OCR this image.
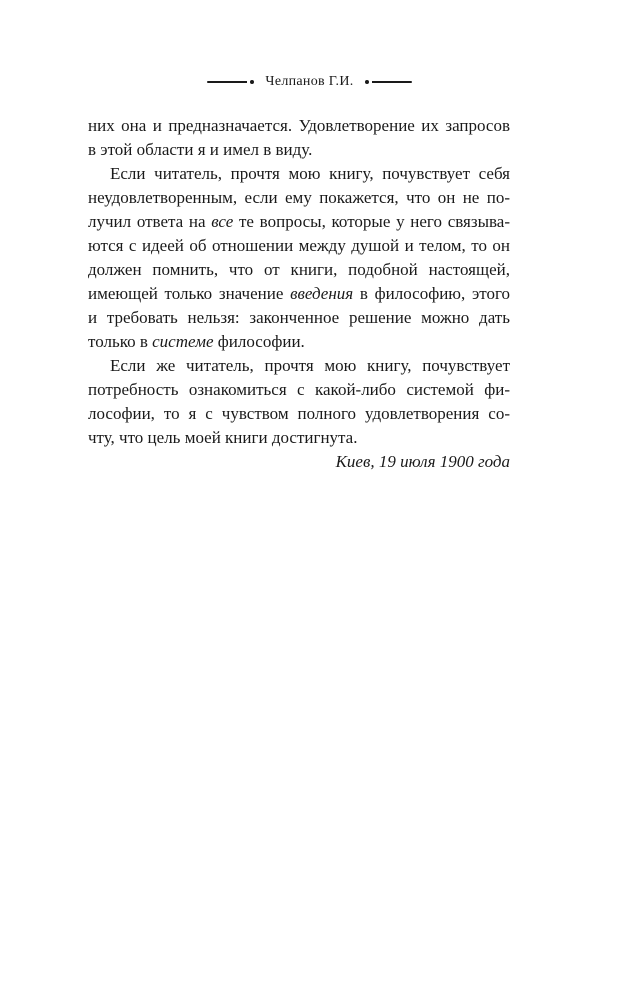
Челпанов Г.И.
них она и предназначается. Удовлетворение их запросов
в этой области я и имел в виду.
Если читатель, прочтя мою книгу, почувствует себя
неудовлетворенным, если ему покажется, что он не по-
лучил ответа на все те вопросы, которые у него связыва-
ются с идеей об отношении между душой и телом, то он
должен помнить, что от книги, подобной настоящей,
имеющей только значение введения в философию, этого
и требовать нельзя: законченное решение можно дать
только в системе философии.
Если же читатель, прочтя мою книгу, почувствует
потребность ознакомиться с какой-либо системой фи-
лософии, то я с чувством полного удовлетворения со-
чту, что цель моей книги достигнута.
Киев, 19 июля 1900 года
